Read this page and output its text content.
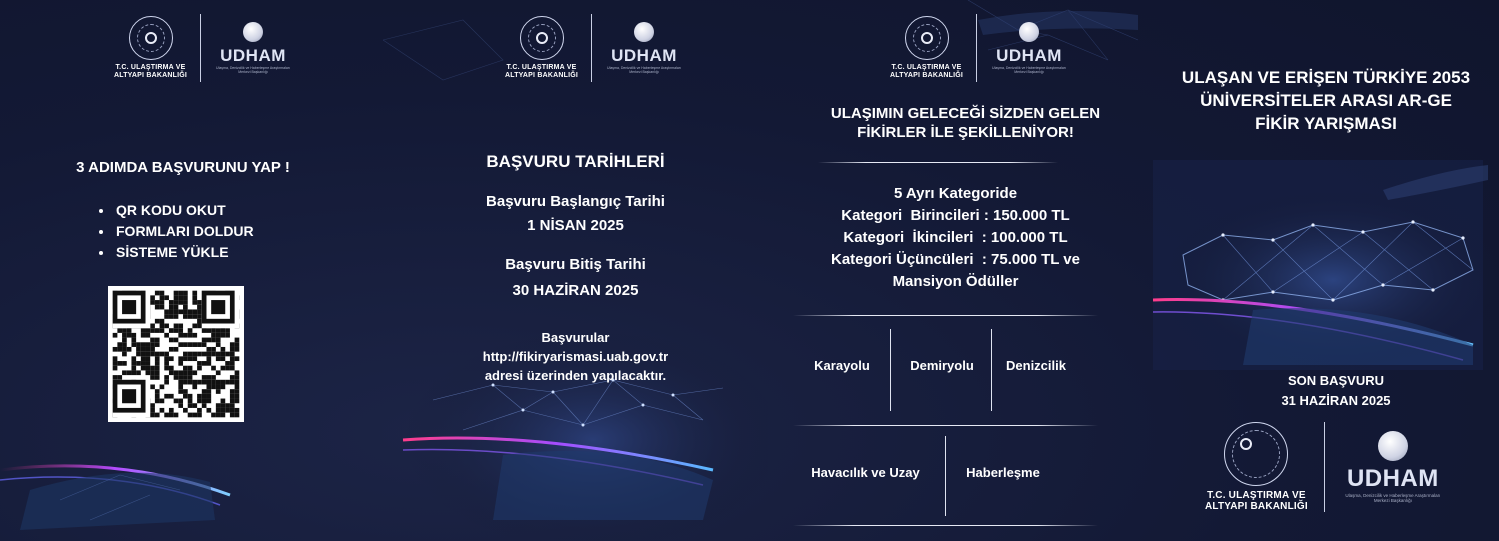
T.C. ULAŞTIRMA VE
ALTYAPI BAKANLIĞI
UDHAM
Ulaşma, Denizcilik ve Haberleşme Araştırmaları Merkezi Başkanlığı
3 ADIMDA BAŞVURUNU YAP !
• QR KODU OKUT
• FORMLARI DOLDUR
• SİSTEME YÜKLE
T.C. ULAŞTIRMA VE
ALTYAPI BAKANLIĞI
UDHAM
Ulaşma, Denizcilik ve Haberleşme Araştırmaları Merkezi Başkanlığı
BAŞVURU TARİHLERİ
Başvuru Başlangıç Tarihi
1 NİSAN 2025
Başvuru Bitiş Tarihi
30 HAZİRAN 2025
Başvurular
http://fikiryarismasi.uab.gov.tr
adresi üzerinden yapılacaktır.
T.C. ULAŞTIRMA VE
ALTYAPI BAKANLIĞI
UDHAM
Ulaşma, Denizcilik ve Haberleşme Araştırmaları Merkezi Başkanlığı
ULAŞIMIN GELECEĞİ SİZDEN GELEN
FİKİRLER İLE ŞEKİLLENİYOR!
5 Ayrı Kategoride
Kategori  Birincileri : 150.000 TL
Kategori  İkincileri  : 100.000 TL
Kategori Üçüncüleri  : 75.000 TL ve
Mansiyon Ödüller
Karayolu	Demiryolu	Denizcilik
Havacılık ve Uzay	Haberleşme
ULAŞAN VE ERİŞEN TÜRKİYE 2053
ÜNİVERSİTELER ARASI AR-GE
FİKİR YARIŞMASI
SON BAŞVURU
31 HAZİRAN 2025
T.C. ULAŞTIRMA VE
ALTYAPI BAKANLIĞI
UDHAM
Ulaşma, Denizcilik ve Haberleşme Araştırmaları Merkezi Başkanlığı
